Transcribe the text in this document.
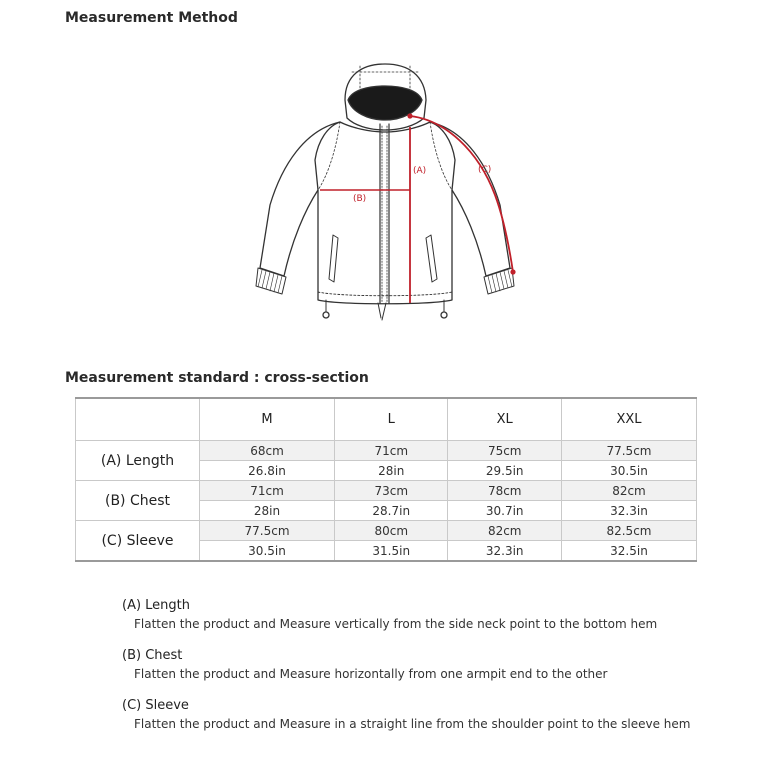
Measurement Method
(A)
(B)
(C)
Measurement standard : cross-section
	M	L	XL	XXL
(A) Length	68cm	71cm	75cm	77.5cm
	26.8in	28in	29.5in	30.5in
(B) Chest	71cm	73cm	78cm	82cm
	28in	28.7in	30.7in	32.3in
(C) Sleeve	77.5cm	80cm	82cm	82.5cm
	30.5in	31.5in	32.3in	32.5in
(A) Length
Flatten the product and Measure vertically from the side neck point to the bottom hem
(B) Chest
Flatten the product and Measure horizontally from one armpit end to the other
(C) Sleeve
Flatten the product and Measure in a straight line from the shoulder point to the sleeve hem
